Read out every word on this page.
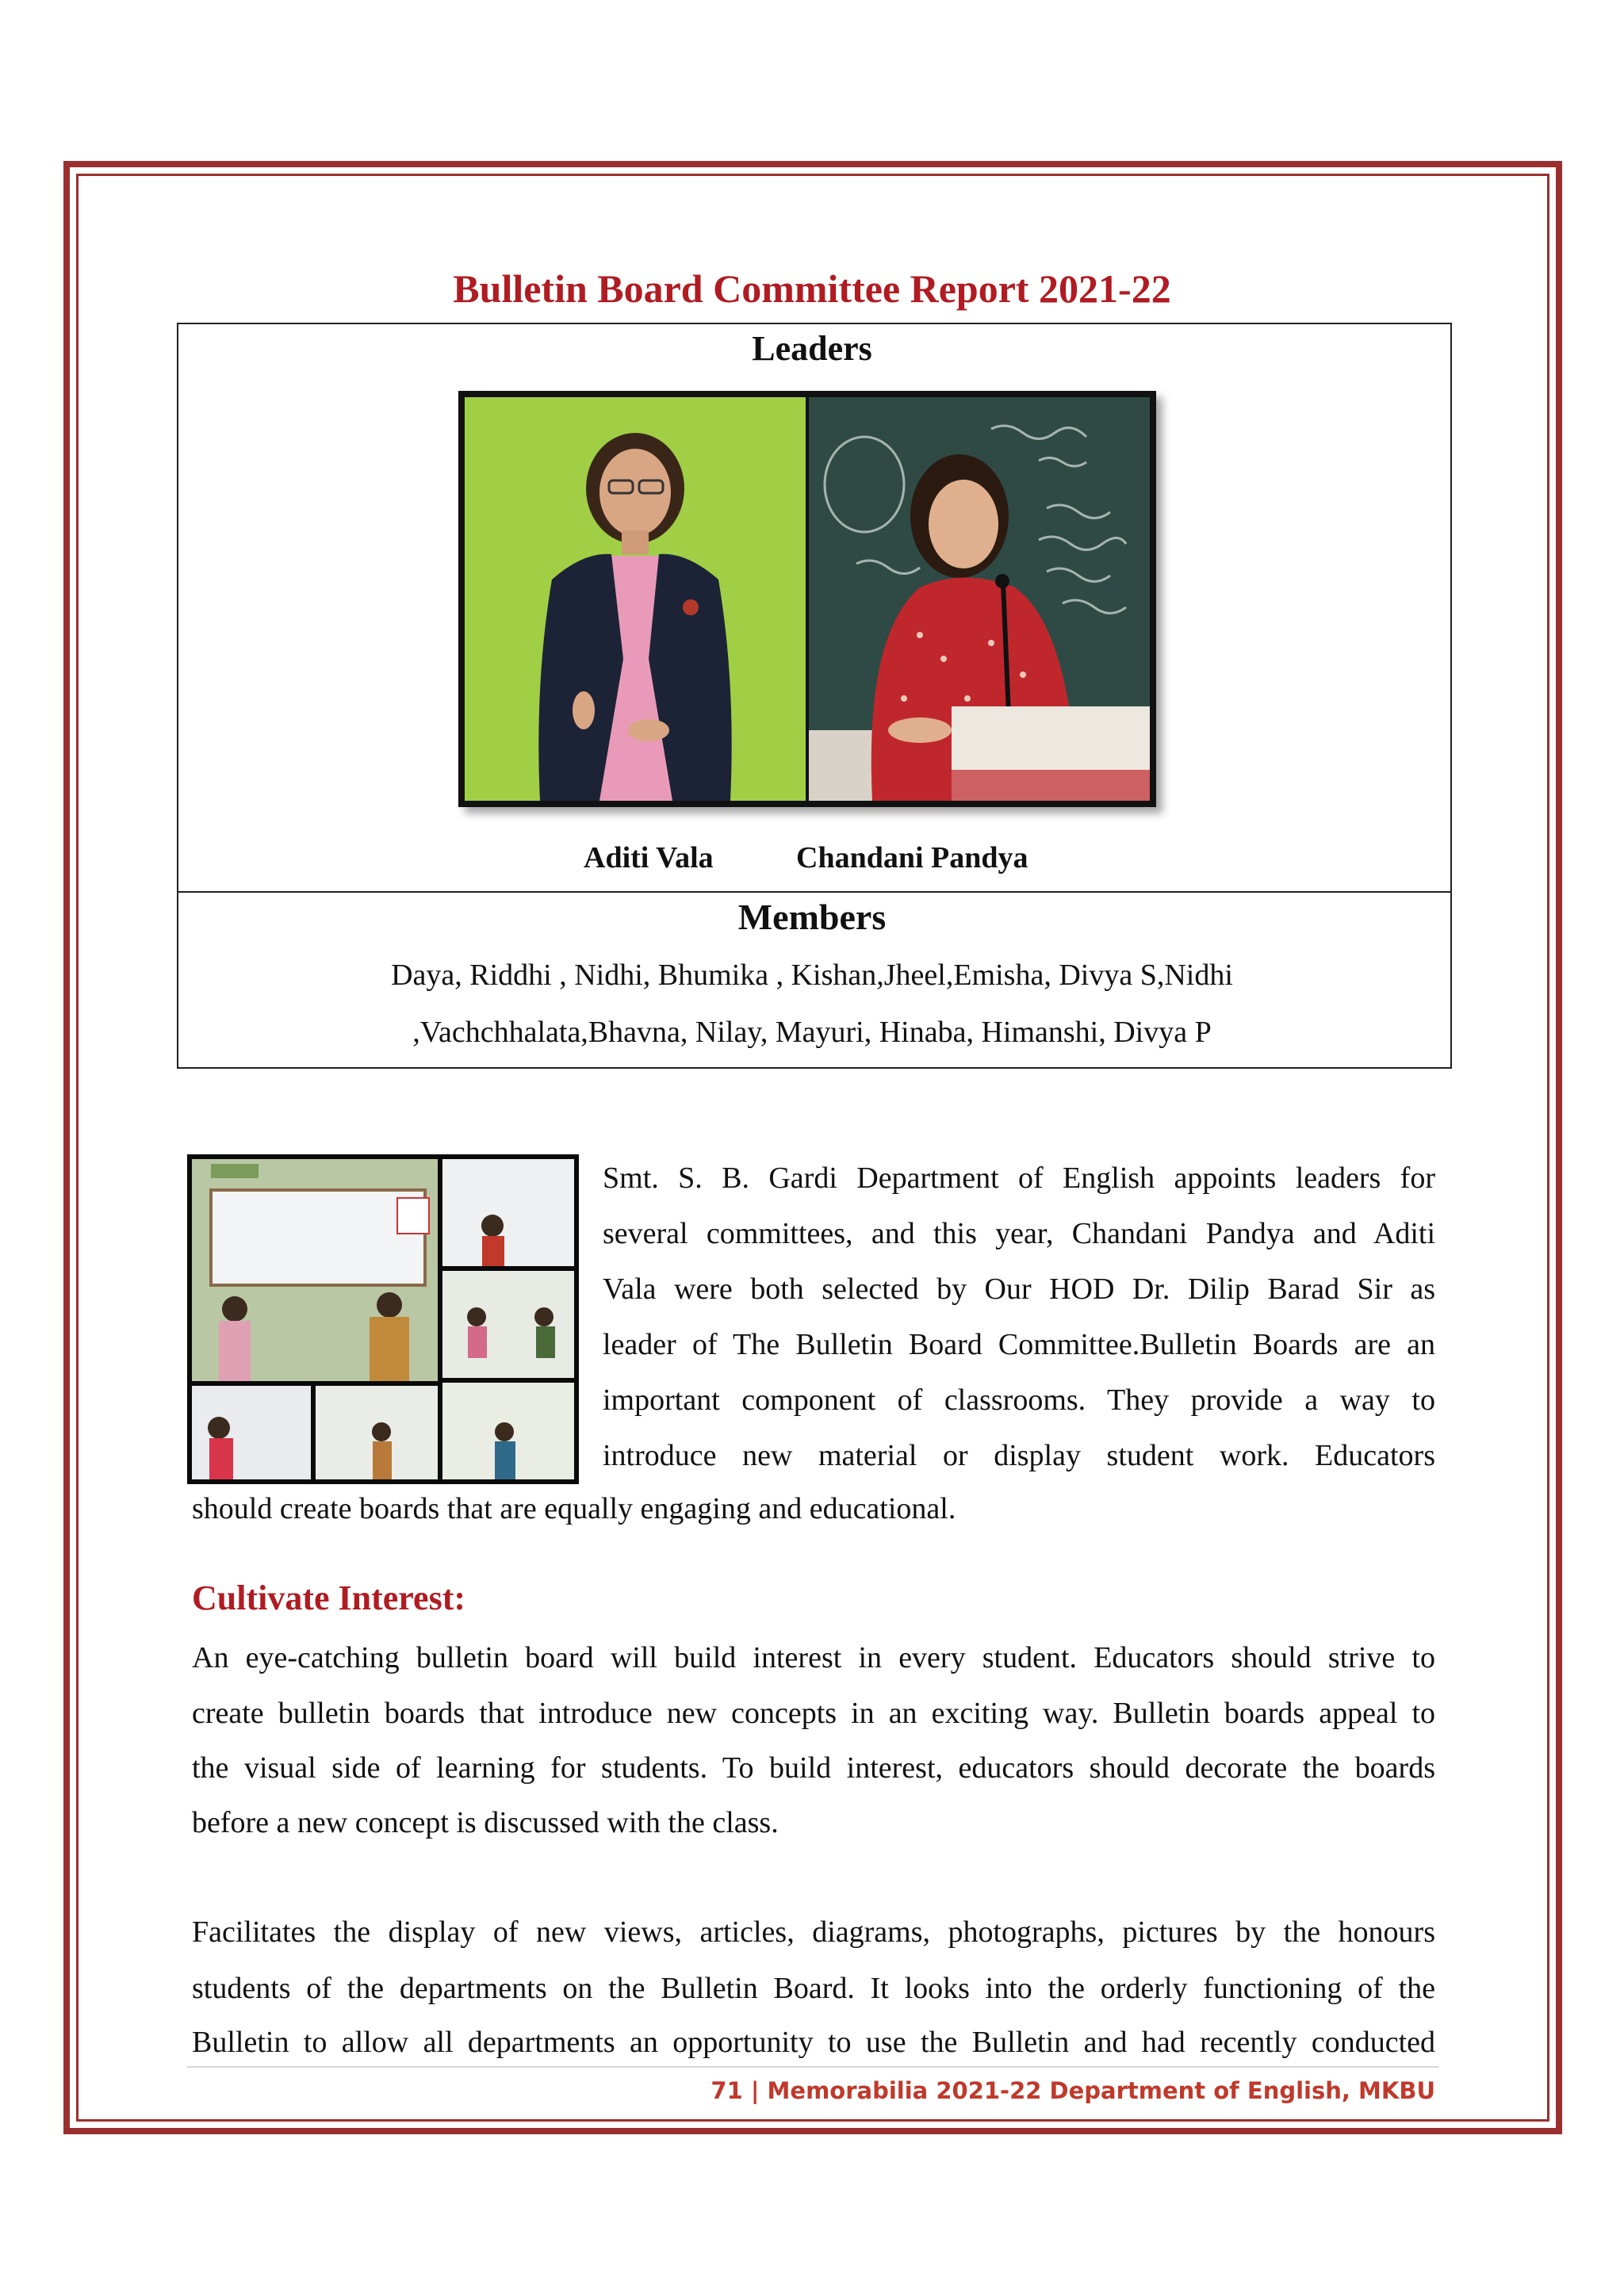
Bulletin Board Committee Report 2021-22
Leaders
Aditi Vala	Chandani Pandya
Members
Daya, Riddhi , Nidhi, Bhumika , Kishan,Jheel,Emisha, Divya S,Nidhi
,Vachchhalata,Bhavna, Nilay, Mayuri, Hinaba, Himanshi, Divya P
Smt. S. B. Gardi Department of English appoints leaders for
several committees, and this year, Chandani Pandya and Aditi
Vala were both selected by Our HOD Dr. Dilip Barad Sir as
leader of The Bulletin Board Committee.Bulletin Boards are an
important component of classrooms. They provide a way to
introduce new material or display student work. Educators
should create boards that are equally engaging and educational.
Cultivate Interest:
An eye-catching bulletin board will build interest in every student. Educators should strive to
create bulletin boards that introduce new concepts in an exciting way. Bulletin boards appeal to
the visual side of learning for students. To build interest, educators should decorate the boards
before a new concept is discussed with the class.
Facilitates the display of new views, articles, diagrams, photographs, pictures by the honours
students of the departments on the Bulletin Board. It looks into the orderly functioning of the
Bulletin to allow all departments an opportunity to use the Bulletin and had recently conducted
71 | Memorabilia 2021-22 Department of English, MKBU
